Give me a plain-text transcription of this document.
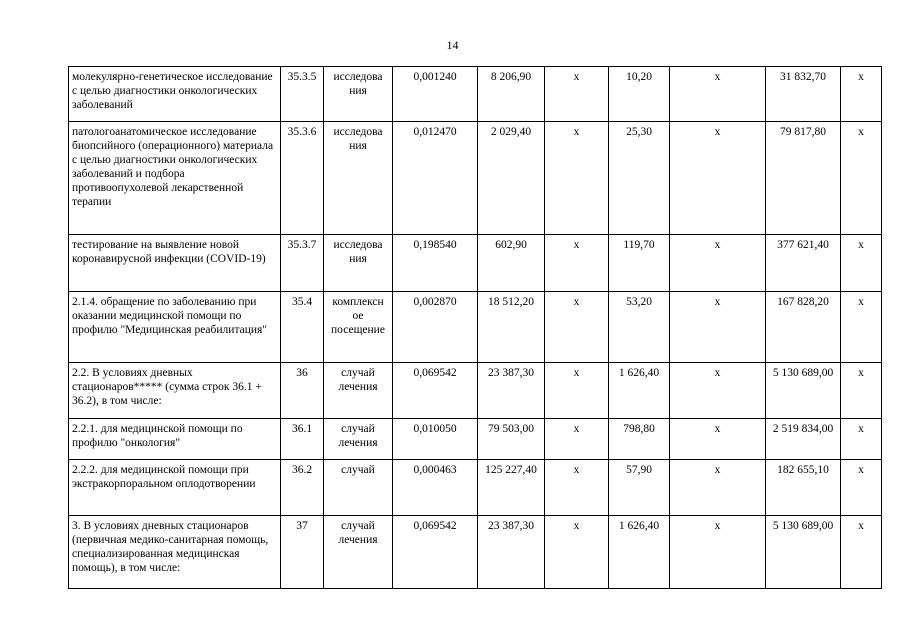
14
молекулярно-генетическое исследование с целью диагностики онкологических заболеваний	35.3.5	исследова ния	0,001240	8 206,90	х	10,20	х	31 832,70	х
патологоанатомическое исследование биопсийного (операционного) материала с целью диагностики онкологических заболеваний и подбора противоопухолевой лекарственной терапии	35.3.6	исследова ния	0,012470	2 029,40	х	25,30	х	79 817,80	х
тестирование на выявление новой коронавирусной инфекции (COVID-19)	35.3.7	исследова ния	0,198540	602,90	х	119,70	х	377 621,40	х
2.1.4. обращение по заболеванию при оказании медицинской помощи по профилю "Медицинская реабилитация"	35.4	комплексн ое посещение	0,002870	18 512,20	х	53,20	х	167 828,20	х
2.2. В условиях дневных стационаров***** (сумма строк 36.1 + 36.2), в том числе:	36	случай лечения	0,069542	23 387,30	х	1 626,40	х	5 130 689,00	х
2.2.1. для медицинской помощи по профилю "онкология"	36.1	случай лечения	0,010050	79 503,00	х	798,80	х	2 519 834,00	х
2.2.2. для медицинской помощи при экстракорпоральном оплодотворении	36.2	случай	0,000463	125 227,40	х	57,90	х	182 655,10	х
3. В условиях дневных стационаров (первичная медико-санитарная помощь, специализированная медицинская помощь), в том числе:	37	случай лечения	0,069542	23 387,30	х	1 626,40	х	5 130 689,00	х
